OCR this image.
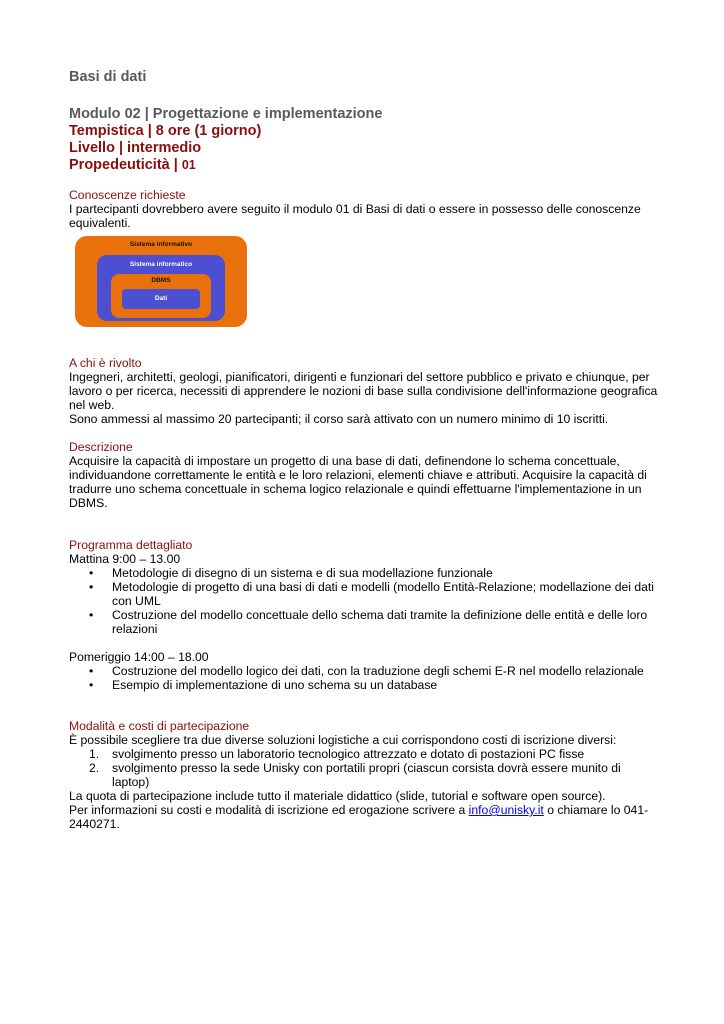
Basi di dati
Modulo 02 | Progettazione e implementazione
Tempistica | 8 ore (1 giorno)
Livello | intermedio
Propedeuticità | 01
Conoscenze richieste

I partecipanti dovrebbero avere seguito il modulo 01 di Basi di dati o essere in possesso delle conoscenze equivalenti.

A chi è rivolto

Ingegneri, architetti, geologi, pianificatori, dirigenti e funzionari del settore pubblico e privato e chiunque, per lavoro o per ricerca, necessiti di apprendere le nozioni di base sulla condivisione dell'informazione geografica nel web.

Sono ammessi al massimo 20 partecipanti; il corso sarà attivato con un numero minimo di 10 iscritti.

Descrizione

Acquisire la capacità di impostare un progetto di una base di dati, definendone lo schema concettuale, individuandone correttamente le entità e le loro relazioni, elementi chiave e attributi. Acquisire la capacità di tradurre uno schema concettuale in schema logico relazionale e quindi effettuarne l'implementazione in un DBMS.

Programma dettagliato

Mattina 9:00 – 13.00

• Metodologie di disegno di un sistema e di sua modellazione funzionale
• Metodologie di progetto di una basi di dati e modelli (modello Entità-Relazione; modellazione dei dati con UML
• Costruzione del modello concettuale dello schema dati tramite la definizione delle entità e delle loro relazioni

Pomeriggio 14:00 – 18.00

• Costruzione del modello logico dei dati, con la traduzione degli schemi E-R nel modello relazionale
• Esempio di implementazione di uno schema su un database
Modalità e costi di partecipazione

È possibile scegliere tra due diverse soluzioni logistiche a cui corrispondono costi di iscrizione diversi:

1. svolgimento presso un laboratorio tecnologico attrezzato e dotato di postazioni PC fisse
2. svolgimento presso la sede Unisky con portatili propri (ciascun corsista dovrà essere munito di laptop)

La quota di partecipazione include tutto il materiale didattico (slide, tutorial e software open source).

Per informazioni su costi e modalità di iscrizione ed erogazione scrivere a info@unisky.it o chiamare lo 041-2440271.

Sistema informativo
Sistema informatico
DBMS
Dati
